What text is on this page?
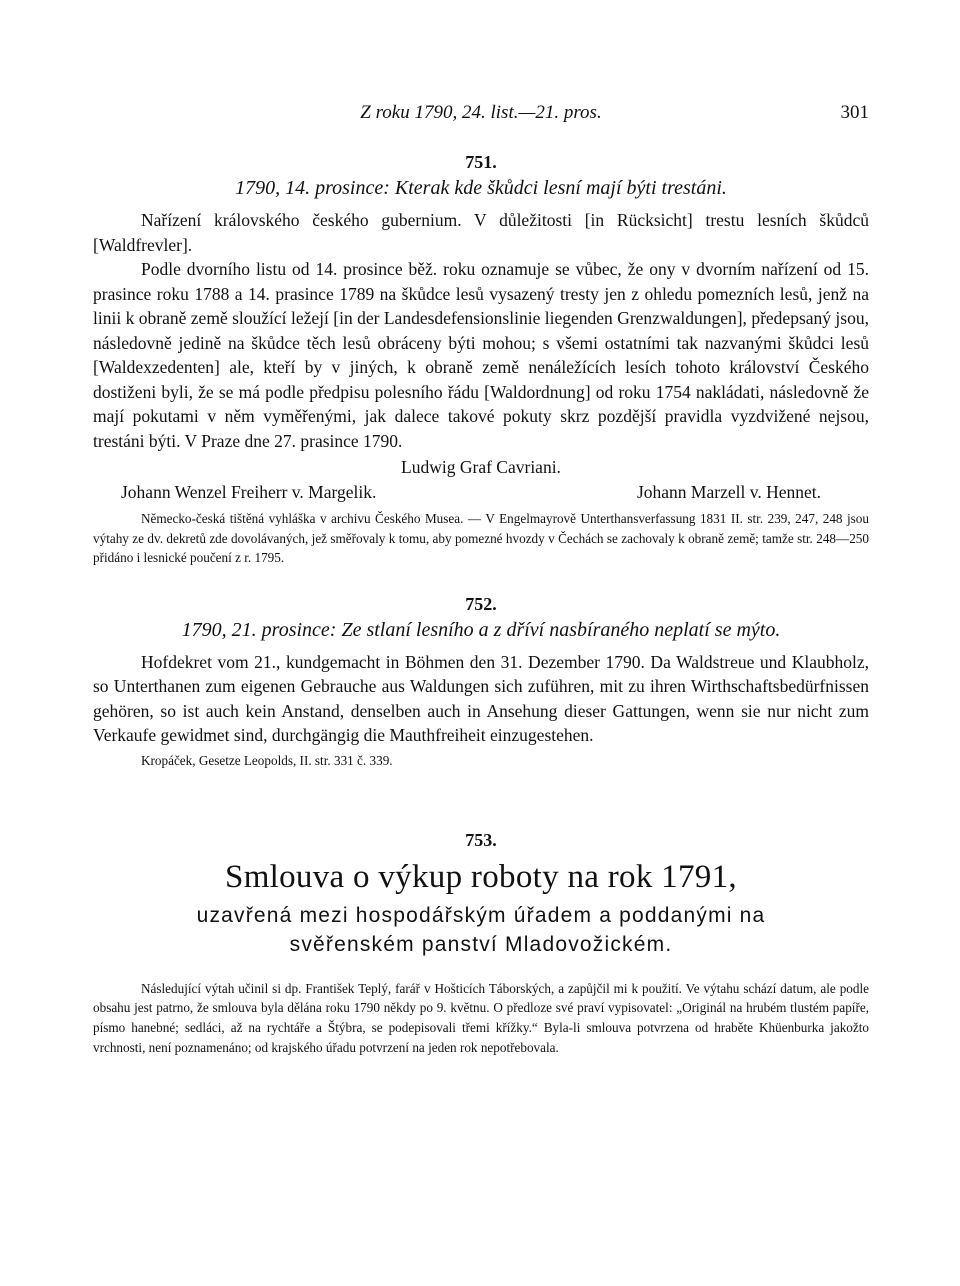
Z roku 1790, 24. list.—21. pros.	301
751.
1790, 14. prosince: Kterak kde škůdci lesní mají býti trestáni.

Nařízení královského českého gubernium. V důležitosti [in Rücksicht] trestu lesních škůdců [Waldfrevler].

Podle dvorního listu od 14. prosince běž. roku oznamuje se vůbec, že ony v dvorním nařízení od 15. prasince roku 1788 a 14. prasince 1789 na škůdce lesů vysazený tresty jen z ohledu pomezních lesů, jenž na linii k obraně země sloužící ležejí [in der Landesdefensionslinie liegenden Grenzwaldungen], předepsaný jsou, následovně jedině na škůdce těch lesů obráceny býti mohou; s všemi ostatními tak nazvanými škůdci lesů [Waldexzedenten] ale, kteří by v jiných, k obraně země nenáležících lesích tohoto království Českého dostiženi byli, že se má podle předpisu polesního řádu [Waldordnung] od roku 1754 nakládati, následovně že mají pokutami v něm vyměřenými, jak dalece takové pokuty skrz pozdější pravidla vyzdvižené nejsou, trestáni býti. V Praze dne 27. prasince 1790.

Ludwig Graf Cavriani.
Johann Wenzel Freiherr v. Margelik.	Johann Marzell v. Hennet.

Německo-česká tištěná vyhláška v archivu Českého Musea. — V Engelmayrově Unterthansverfassung 1831 II. str. 239, 247, 248 jsou výtahy ze dv. dekretů zde dovolávaných, jež směřovaly k tomu, aby pomezné hvozdy v Čechách se zachovaly k obraně země; tamže str. 248—250 přidáno i lesnické poučení z r. 1795.

752.
1790, 21. prosince: Ze stlaní lesního a z dříví nasbíraného neplatí se mýto.

Hofdekret vom 21., kundgemacht in Böhmen den 31. Dezember 1790. Da Waldstreue und Klaubholz, so Unterthanen zum eigenen Gebrauche aus Waldungen sich zuführen, mit zu ihren Wirthschaftsbedürfnissen gehören, so ist auch kein Anstand, denselben auch in Ansehung dieser Gattungen, wenn sie nur nicht zum Verkaufe gewidmet sind, durchgängig die Mauthfreiheit einzugestehen.

Kropáček, Gesetze Leopolds, II. str. 331 č. 339.
753.
Smlouva o výkup roboty na rok 1791,
uzavřená mezi hospodářským úřadem a poddanými na
svěřenském panství Mladovožickém.

Následující výtah učinil si dp. František Teplý, farář v Hošticích Táborských, a zapůjčil mi k použití. Ve výtahu schází datum, ale podle obsahu jest patrno, že smlouva byla dělána roku 1790 někdy po 9. květnu. O předloze své praví vypisovatel: „Originál na hrubém tlustém papíře, písmo hanebné; sedláci, až na rychtáře a Štýbra, se podepisovali třemi křížky.“ Byla-li smlouva potvrzena od hraběte Khüenburka jakožto vrchnosti, není poznamenáno; od krajského úřadu potvrzení na jeden rok nepotřebovala.
